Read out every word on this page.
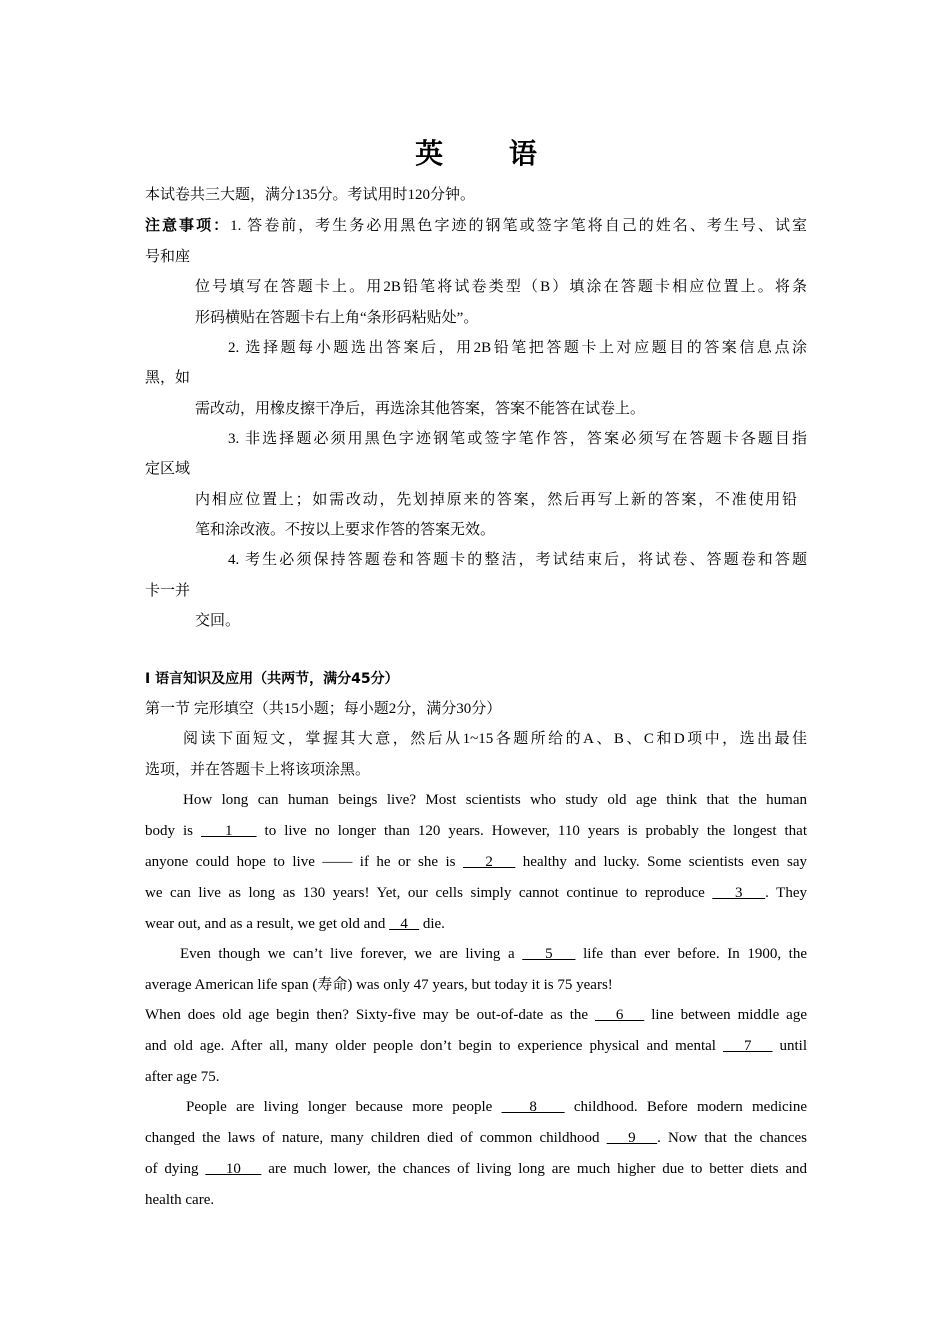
英 语
本试卷共三大题，满分135分。考试用时120分钟。
注意事项：1. 答卷前，考生务必用黑色字迹的钢笔或签字笔将自己的姓名、考生号、试室
号和座
位号填写在答题卡上。用2B铅笔将试卷类型（B）填涂在答题卡相应位置上。将条
形码横贴在答题卡右上角“条形码粘贴处”。
2. 选择题每小题选出答案后，用2B铅笔把答题卡上对应题目的答案信息点涂
黑，如
需改动，用橡皮擦干净后，再选涂其他答案，答案不能答在试卷上。
3. 非选择题必须用黑色字迹钢笔或签字笔作答，答案必须写在答题卡各题目指
定区域
内相应位置上；如需改动，先划掉原来的答案，然后再写上新的答案，不准使用铅
笔和涂改液。不按以上要求作答的答案无效。
4. 考生必须保持答题卷和答题卡的整洁，考试结束后，将试卷、答题卷和答题
卡一并
交回。
I 语言知识及应用（共两节，满分45分）
第一节 完形填空（共15小题；每小题2分，满分30分）
阅读下面短文，掌握其大意，然后从1~15各题所给的A、B、C和D项中，选出最佳
选项，并在答题卡上将该项涂黑。
How long can human beings live? Most scientists who study old age think that the human
body is    1    to live no longer than 120 years. However, 110 years is probably the longest that
anyone could hope to live —— if he or she is    2    healthy and lucky. Some scientists even say
we can live as long as 130 years! Yet, our cells simply cannot continue to reproduce    3   . They
wear out, and as a result, we get old and    4    die.
Even though we can’t live forever, we are living a    5    life than ever before. In 1900, the
average American life span (寿命) was only 47 years, but today it is 75 years!
When does old age begin then? Sixty-five may be out-of-date as the    6    line between middle age
and old age. After all, many older people don’t begin to experience physical and mental    7    until
after age 75.
People are living longer because more people    8    childhood. Before modern medicine
changed the laws of nature, many children died of common childhood    9   . Now that the chances
of dying    10    are much lower, the chances of living long are much higher due to better diets and
health care.
